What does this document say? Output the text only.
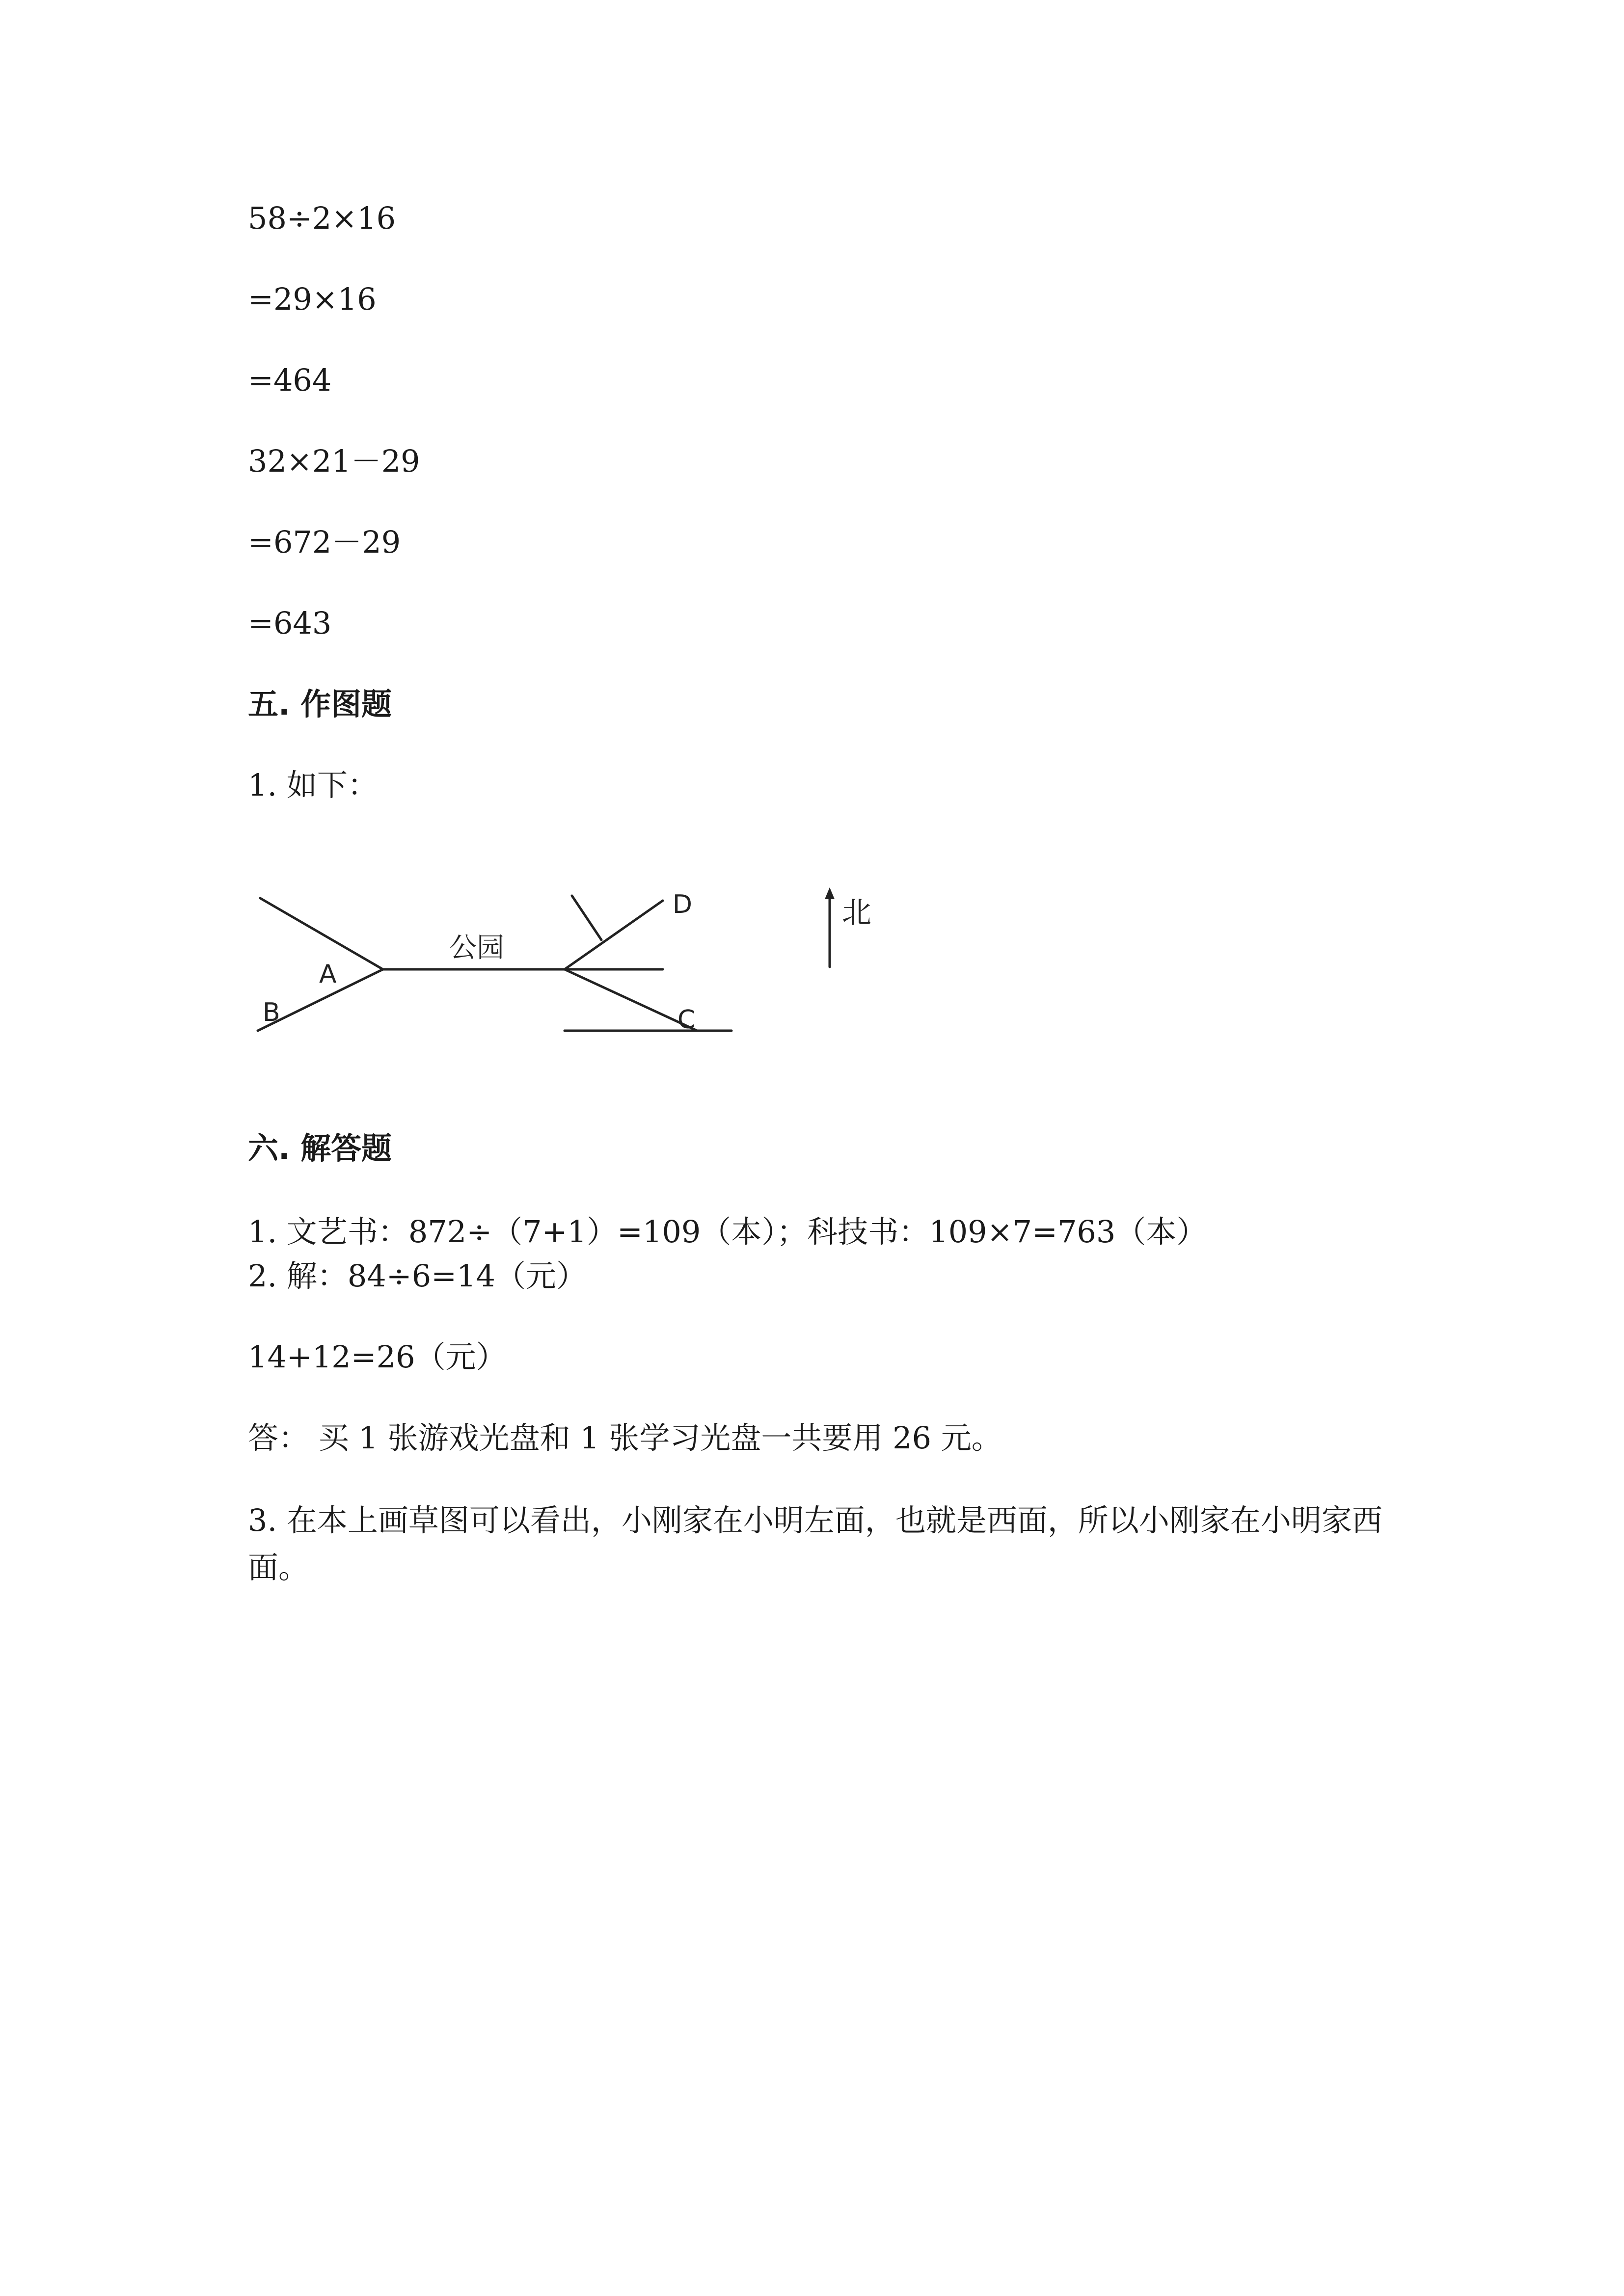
58÷2×16
=29×16
=464
32×21－29
=672－29
=643
五. 作图题
1. 如下：
公园
A
B	C
D	北
六. 解答题
1. 文艺书：872÷（7+1）=109（本）；科技书：109×7=763（本）
2. 解：84÷6=14（元）
14+12=26（元）
答： 买 1 张游戏光盘和 1 张学习光盘一共要用 26 元。
3. 在本上画草图可以看出，小刚家在小明左面，也就是西面，所以小刚家在小明家西面。
